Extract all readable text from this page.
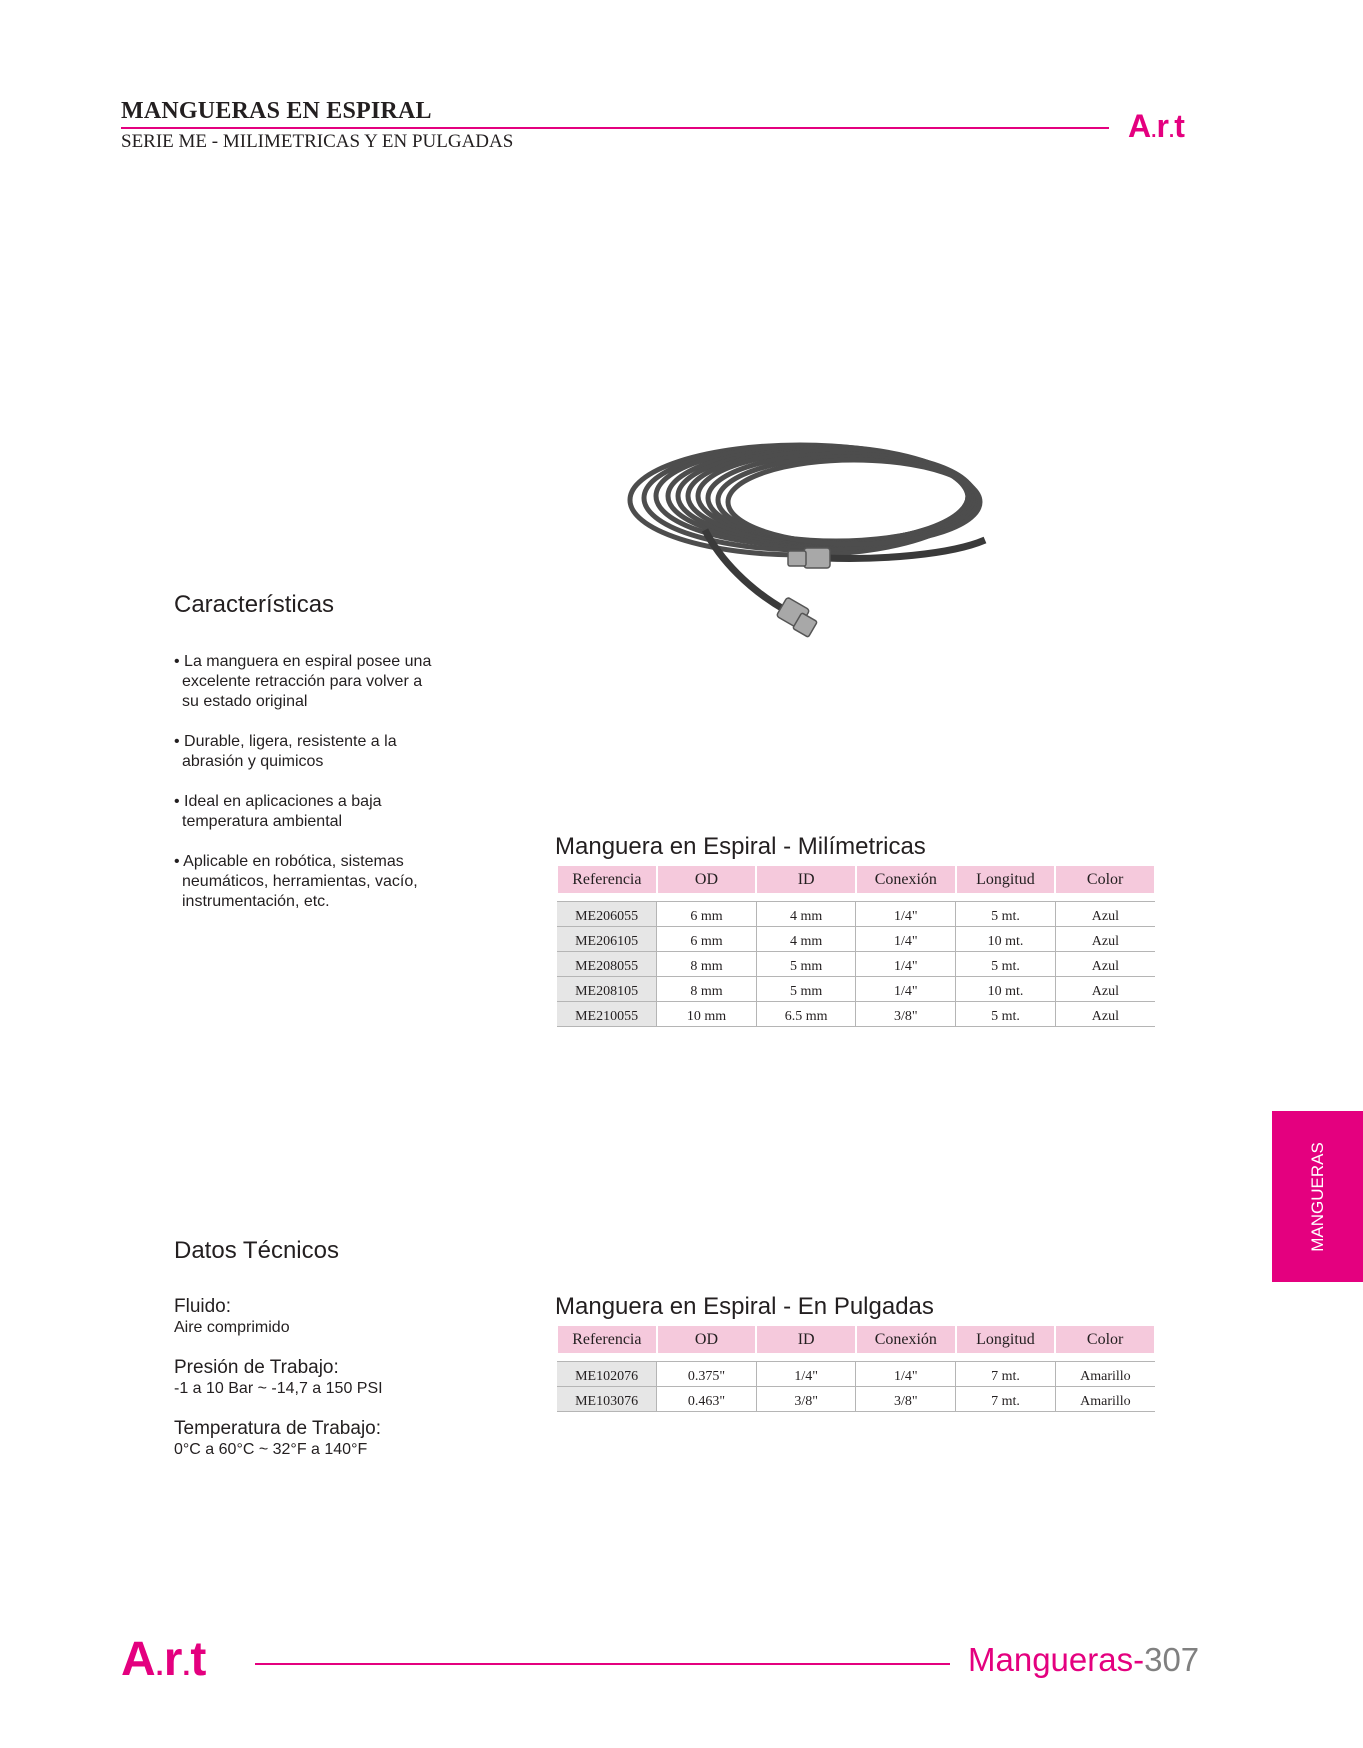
MANGUERAS EN ESPIRAL
SERIE ME - MILIMETRICAS Y EN PULGADAS	A.r.t
Características
• La manguera en espiral posee una excelente retracción para volver a su estado original
• Durable, ligera, resistente a la abrasión y quimicos
• Ideal en aplicaciones a baja temperatura ambiental
• Aplicable en robótica, sistemas neumáticos, herramientas, vacío, instrumentación, etc.
Manguera en Espiral - Milímetricas
Referencia	OD	ID	Conexión	Longitud	Color

ME206055	6 mm	4 mm	1/4"	5 mt.	Azul
ME206105	6 mm	4 mm	1/4"	10 mt.	Azul
ME208055	8 mm	5 mm	1/4"	5 mt.	Azul
ME208105	8 mm	5 mm	1/4"	10 mt.	Azul
ME210055	10 mm	6.5 mm	3/8"	5 mt.	Azul
MANGUERAS
Datos Técnicos
Fluido:
Aire comprimido
Presión de Trabajo:
-1 a 10 Bar ~ -14,7 a 150 PSI
Temperatura de Trabajo:
0°C a 60°C ~ 32°F a 140°F
Manguera en Espiral - En Pulgadas
Referencia	OD	ID	Conexión	Longitud	Color

ME102076	0.375"	1/4"	1/4"	7 mt.	Amarillo
ME103076	0.463"	3/8"	3/8"	7 mt.	Amarillo
A.r.t	Mangueras-307
